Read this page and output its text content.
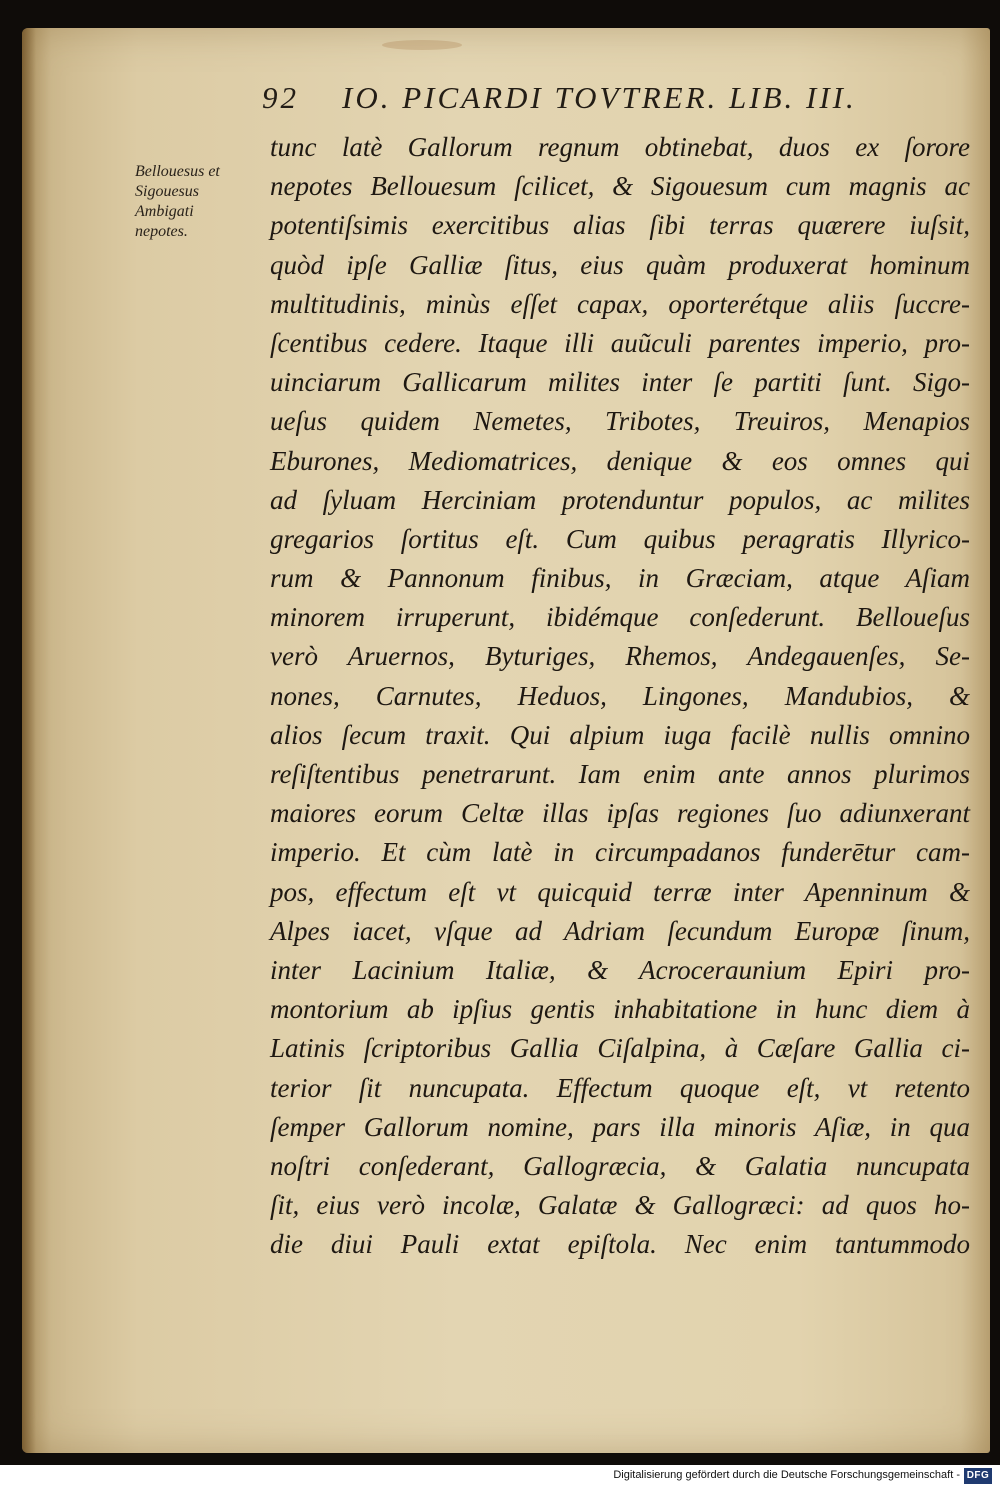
92 IO. PICARDI TOVTRER. LIB. III.
Bellouesus et
Sigouesus
Ambigati
nepotes.
tunc latè Gallorum regnum obtinebat, duos ex ſorore
nepotes Bellouesum ſcilicet, & Sigouesum cum magnis ac
potentiſsimis exercitibus alias ſibi terras quærere iuſsit,
quòd ipſe Galliæ ſitus, eius quàm produxerat hominum
multitudinis, minùs eſſet capax, oporterétque aliis ſuccre-
ſcentibus cedere. Itaque illi auũculi parentes imperio, pro-
uinciarum Gallicarum milites inter ſe partiti ſunt. Sigo-
ueſus quidem Nemetes, Tribotes, Treuiros, Menapios
Eburones, Mediomatrices, denique & eos omnes qui
ad ſyluam Herciniam protenduntur populos, ac milites
gregarios ſortitus eſt. Cum quibus peragratis Illyrico-
rum & Pannonum finibus, in Græciam, atque Aſiam
minorem irruperunt, ibidémque conſederunt. Belloueſus
verò Aruernos, Byturiges, Rhemos, Andegauenſes, Se-
nones, Carnutes, Heduos, Lingones, Mandubios, &
alios ſecum traxit. Qui alpium iuga facilè nullis omnino
reſiſtentibus penetrarunt. Iam enim ante annos plurimos
maiores eorum Celtæ illas ipſas regiones ſuo adiunxerant
imperio. Et cùm latè in circumpadanos funderētur cam-
pos, effectum eſt vt quicquid terræ inter Apenninum &
Alpes iacet, vſque ad Adriam ſecundum Europæ ſinum,
inter Lacinium Italiæ, & Acroceraunium Epiri pro-
montorium ab ipſius gentis inhabitatione in hunc diem à
Latinis ſcriptoribus Gallia Ciſalpina, à Cæſare Gallia ci-
terior ſit nuncupata. Effectum quoque eſt, vt retento
ſemper Gallorum nomine, pars illa minoris Aſiæ, in qua
noſtri conſederant, Gallogræcia, & Galatia nuncupata
ſit, eius verò incolæ, Galatæ & Gallogræci: ad quos ho-
die diui Pauli extat epiſtola. Nec enim tantummodo
Digitalisierung gefördert durch die Deutsche Forschungsgemeinschaft - DFG
